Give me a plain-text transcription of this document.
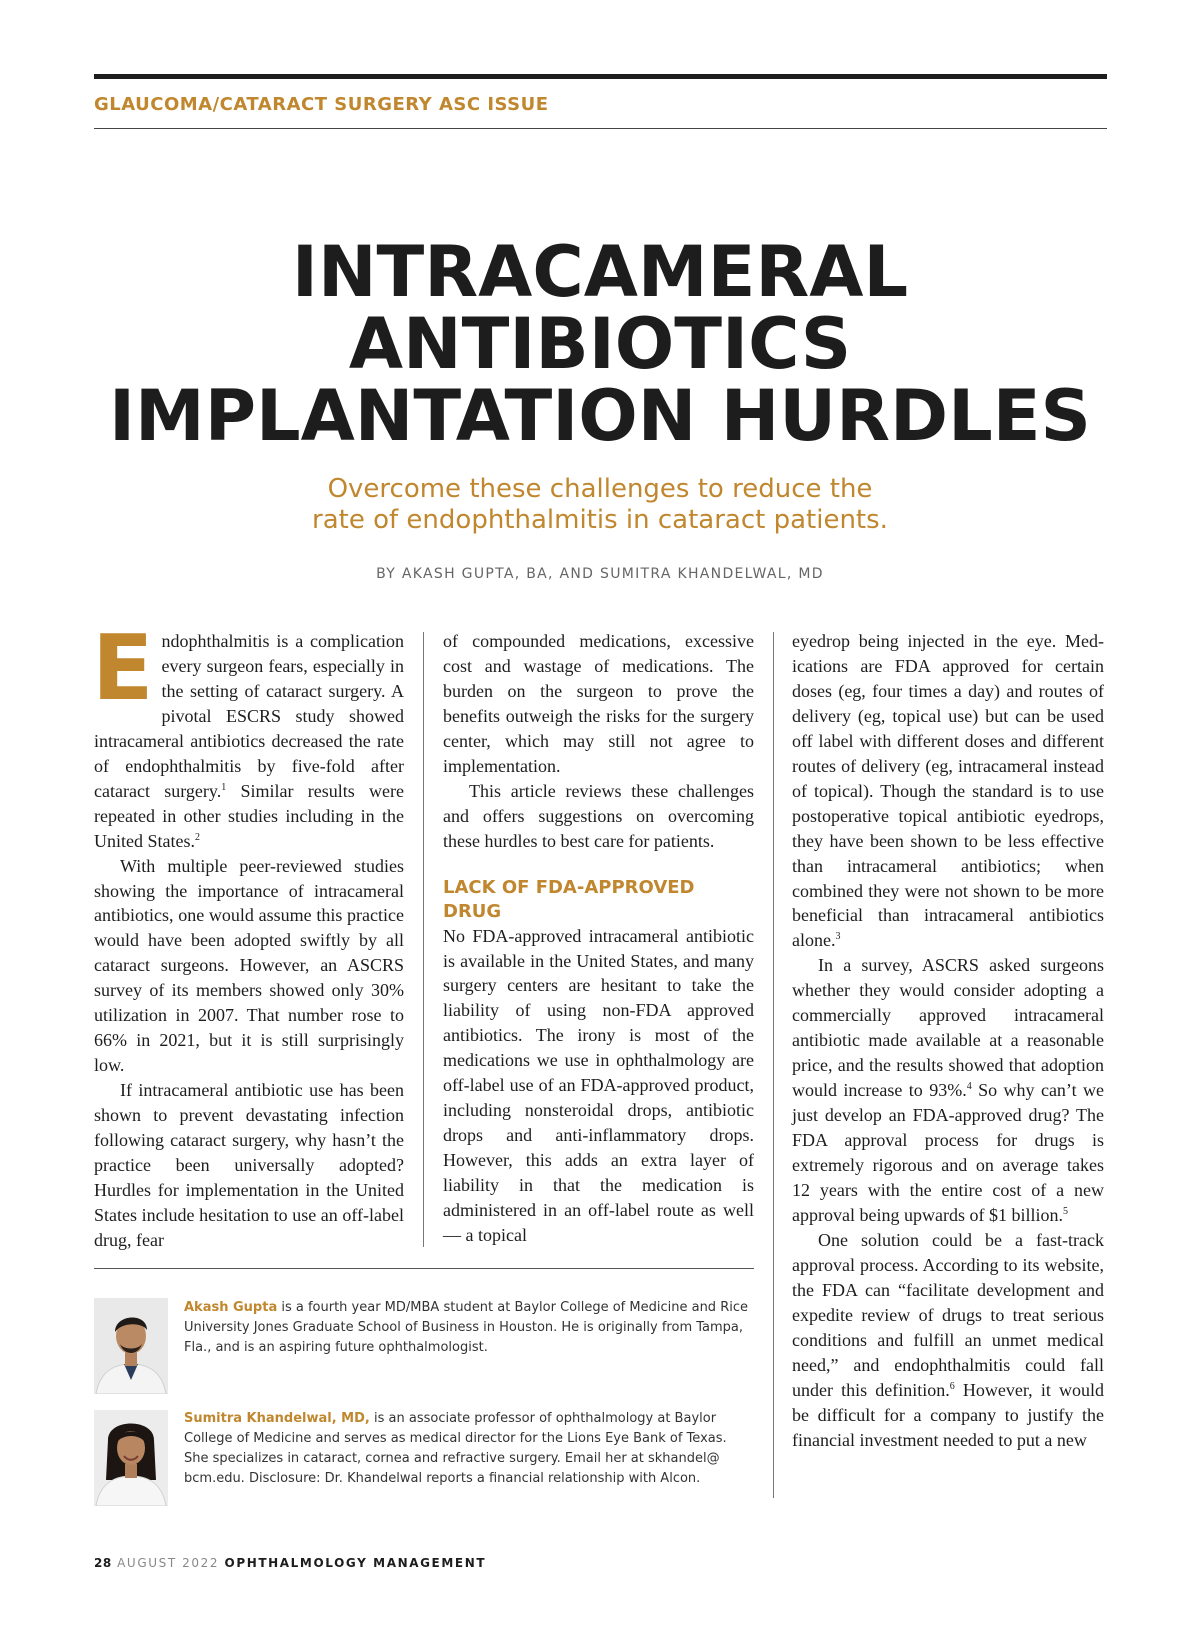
GLAUCOMA/CATARACT SURGERY ASC ISSUE
INTRACAMERAL
ANTIBIOTICS
IMPLANTATION HURDLES
Overcome these challenges to reduce the
rate of endophthalmitis in cataract patients.
BY AKASH GUPTA, BA, AND SUMITRA KHANDELWAL, MD

Endophthalmitis is a complication every surgeon fears, especially in the setting of cataract surgery. A pivotal ESCRS study showed intracameral antibiotics decreased the rate of endophthalmitis by five-fold after cataract surgery.$^1$ Similar results were repeated in other studies including in the United States.$^2$

With multiple peer-reviewed studies showing the importance of intracameral antibiotics, one would assume this practice would have been adopted swiftly by all cataract surgeons. However, an ASCRS survey of its members showed only 30% utilization in 2007. That number rose to 66% in 2021, but it is still surprisingly low.

If intracameral antibiotic use has been shown to prevent devastating infection following cataract surgery, why hasn’t the practice been universally adopted? Hurdles for implementation in the United States include hesitation to use an off-label drug, fear

of compounded medications, excessive cost and wastage of medications. The burden on the surgeon to prove the benefits outweigh the risks for the surgery center, which may still not agree to implementation.

This article reviews these challenges and offers suggestions on overcoming these hurdles to best care for patients.

LACK OF FDA-APPROVED DRUG

No FDA-approved intracameral antibiotic is available in the United States, and many surgery centers are hesitant to take the liability of using non-FDA approved antibiotics. The irony is most of the medications we use in ophthalmology are off-label use of an FDA-approved product, including nonsteroidal drops, antibiotic drops and anti-inflammatory drops. However, this adds an extra layer of liability in that the medication is administered in an off-label route as well — a topical

eyedrop being injected in the eye. Medications are FDA approved for certain doses (eg, four times a day) and routes of delivery (eg, topical use) but can be used off label with different doses and different routes of delivery (eg, intracameral instead of topical). Though the standard is to use postoperative topical antibiotic eyedrops, they have been shown to be less effective than intracameral antibiotics; when combined they were not shown to be more beneficial than intracameral antibiotics alone.$^3$

In a survey, ASCRS asked surgeons whether they would consider adopting a commercially approved intracameral antibiotic made available at a reasonable price, and the results showed that adoption would increase to 93%.$^4$ So why can’t we just develop an FDA-approved drug? The FDA approval process for drugs is extremely rigorous and on average takes 12 years with the entire cost of a new approval being upwards of $1 billion.$^5$

One solution could be a fast-track approval process. According to its website, the FDA can “facilitate development and expedite review of drugs to treat serious conditions and fulfill an unmet medical need,” and endophthalmitis could fall under this definition.$^6$ However, it would be difficult for a company to justify the financial investment needed to put a new

Akash Gupta is a fourth year MD/MBA student at Baylor College of Medicine and Rice University Jones Graduate School of Business in Houston. He is originally from Tampa, Fla., and is an aspiring future ophthalmologist.
Sumitra Khandelwal, MD, is an associate professor of ophthalmology at Baylor College of Medicine and serves as medical director for the Lions Eye Bank of Texas. She specializes in cataract, cornea and refractive surgery. Email her at skhandel@ bcm.edu. Disclosure: Dr. Khandelwal reports a financial relationship with Alcon.
28 AUGUST 2022 OPHTHALMOLOGY MANAGEMENT
